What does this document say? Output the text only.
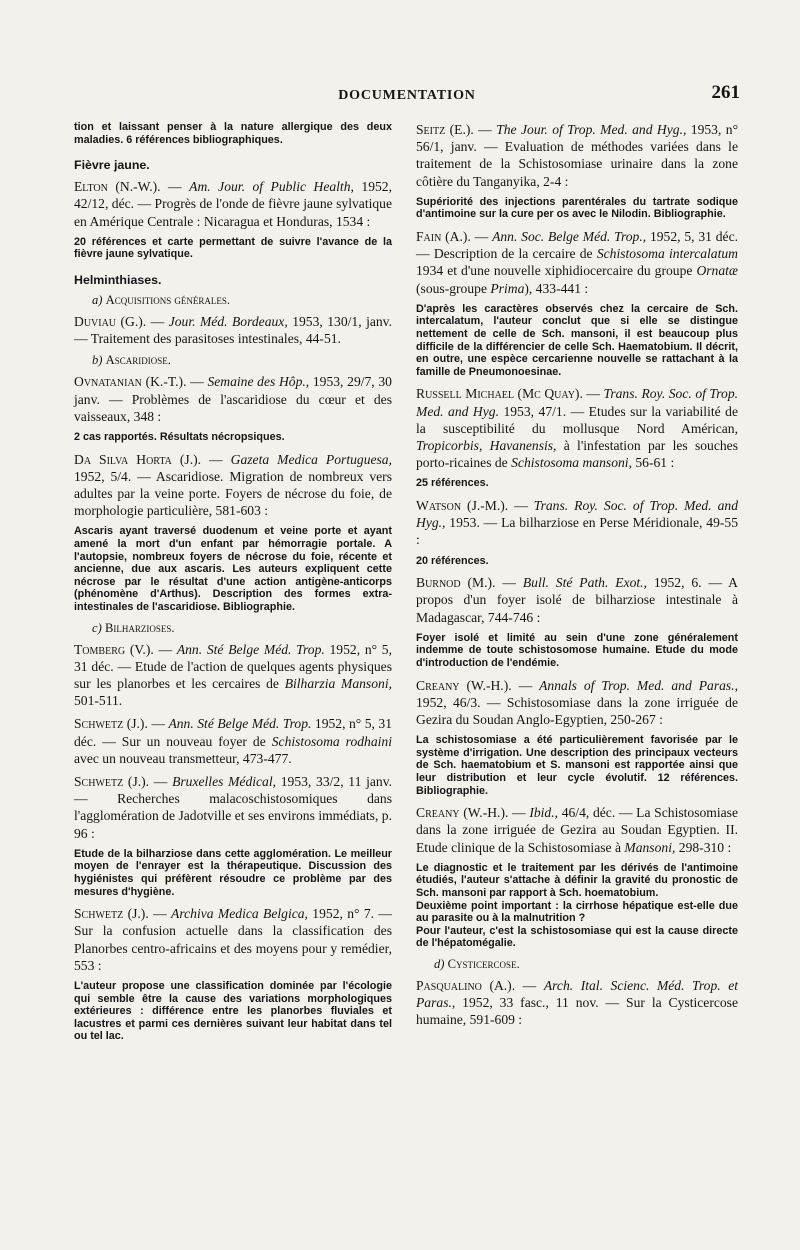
DOCUMENTATION	261

tion et laissant penser à la nature allergique des deux maladies. 6 références bibliographiques.

Fièvre jaune.

Elton (N.-W.). — Am. Jour. of Public Health, 1952, 42/12, déc. — Progrès de l'onde de fièvre jaune sylvatique en Amérique Centrale : Nicaragua et Honduras, 1534 :

20 références et carte permettant de suivre l'avance de la fièvre jaune sylvatique.

Helminthiases.
a) Acquisitions générales.

Duviau (G.). — Jour. Méd. Bordeaux, 1953, 130/1, janv. — Traitement des parasitoses intestinales, 44-51.

b) Ascaridiose.

Ovnatanian (K.-T.). — Semaine des Hôp., 1953, 29/7, 30 janv. — Problèmes de l'ascaridiose du cœur et des vaisseaux, 348 :

2 cas rapportés. Résultats nécropsiques.

Da Silva Horta (J.). — Gazeta Medica Portuguesa, 1952, 5/4. — Ascaridiose. Migration de nombreux vers adultes par la veine porte. Foyers de nécrose du foie, de morphologie particulière, 581-603 :

Ascaris ayant traversé duodenum et veine porte et ayant amené la mort d'un enfant par hémorragie portale. A l'autopsie, nombreux foyers de nécrose du foie, récente et ancienne, due aux ascaris. Les auteurs expliquent cette nécrose par le résultat d'une action antigène-anticorps (phénomène d'Arthus). Description des formes extra-intestinales de l'ascaridiose. Bibliographie.

c) Bilharzioses.

Tomberg (V.). — Ann. Sté Belge Méd. Trop. 1952, n° 5, 31 déc. — Etude de l'action de quelques agents physiques sur les planorbes et les cercaires de Bilharzia Mansoni, 501-511.

Schwetz (J.). — Ann. Sté Belge Méd. Trop. 1952, n° 5, 31 déc. — Sur un nouveau foyer de Schistosoma rodhaini avec un nouveau transmetteur, 473-477.

Schwetz (J.). — Bruxelles Médical, 1953, 33/2, 11 janv. — Recherches malacoschistosomiques dans l'agglomération de Jadotville et ses environs immédiats, p. 96 :

Etude de la bilharziose dans cette agglomération. Le meilleur moyen de l'enrayer est la thérapeutique. Discussion des hygiénistes qui préfèrent résoudre ce problème par des mesures d'hygiène.

Schwetz (J.). — Archiva Medica Belgica, 1952, n° 7. — Sur la confusion actuelle dans la classification des Planorbes centro-africains et des moyens pour y remédier, 553 :

L'auteur propose une classification dominée par l'écologie qui semble être la cause des variations morphologiques extérieures : différence entre les planorbes fluviales et lacustres et parmi ces dernières suivant leur habitat dans tel ou tel lac.

Seitz (E.). — The Jour. of Trop. Med. and Hyg., 1953, n° 56/1, janv. — Evaluation de méthodes variées dans le traitement de la Schistosomiase urinaire dans la zone côtière du Tanganyika, 2-4 :

Supériorité des injections parentérales du tartrate sodique d'antimoine sur la cure per os avec le Nilodin. Bibliographie.

Fain (A.). — Ann. Soc. Belge Méd. Trop., 1952, 5, 31 déc. — Description de la cercaire de Schistosoma intercalatum 1934 et d'une nouvelle xiphidiocercaire du groupe Ornatæ (sous-groupe Prima), 433-441 :

D'après les caractères observés chez la cercaire de Sch. intercalatum, l'auteur conclut que si elle se distingue nettement de celle de Sch. mansoni, il est beaucoup plus difficile de la différencier de celle Sch. Haematobium. Il décrit, en outre, une espèce cercarienne nouvelle se rattachant à la famille de Pneumonoesinae.

Russell Michael (Mc Quay). — Trans. Roy. Soc. of Trop. Med. and Hyg. 1953, 47/1. — Etudes sur la variabilité de la susceptibilité du mollusque Nord Américan, Tropicorbis, Havanensis, à l'infestation par les souches porto-ricaines de Schistosoma mansoni, 56-61 :

25 références.

Watson (J.-M.). — Trans. Roy. Soc. of Trop. Med. and Hyg., 1953. — La bilharziose en Perse Méridionale, 49-55 :

20 références.

Burnod (M.). — Bull. Sté Path. Exot., 1952, 6. — A propos d'un foyer isolé de bilharziose intestinale à Madagascar, 744-746 :

Foyer isolé et limité au sein d'une zone généralement indemme de toute schistosomose humaine. Etude du mode d'introduction de l'endémie.

Creany (W.-H.). — Annals of Trop. Med. and Paras., 1952, 46/3. — Schistosomiase dans la zone irriguée de Gezira du Soudan Anglo-Egyptien, 250-267 :

La schistosomiase a été particulièrement favorisée par le système d'irrigation. Une description des principaux vecteurs de Sch. haematobium et S. mansoni est rapportée ainsi que leur distribution et leur cycle évolutif. 12 références. Bibliographie.

Creany (W.-H.). — Ibid., 46/4, déc. — La Schistosomiase dans la zone irriguée de Gezira au Soudan Egyptien. II. Etude clinique de la Schistosomiase à Mansoni, 298-310 :

Le diagnostic et le traitement par les dérivés de l'antimoine étudiés, l'auteur s'attache à définir la gravité du pronostic de Sch. mansoni par rapport à Sch. hoematobium.
Deuxième point important : la cirrhose hépatique est-elle due au parasite ou à la malnutrition ?
Pour l'auteur, c'est la schistosomiase qui est la cause directe de l'hépatomégalie.

d) Cysticercose.

Pasqualino (A.). — Arch. Ital. Scienc. Méd. Trop. et Paras., 1952, 33 fasc., 11 nov. — Sur la Cysticercose humaine, 591-609 :
